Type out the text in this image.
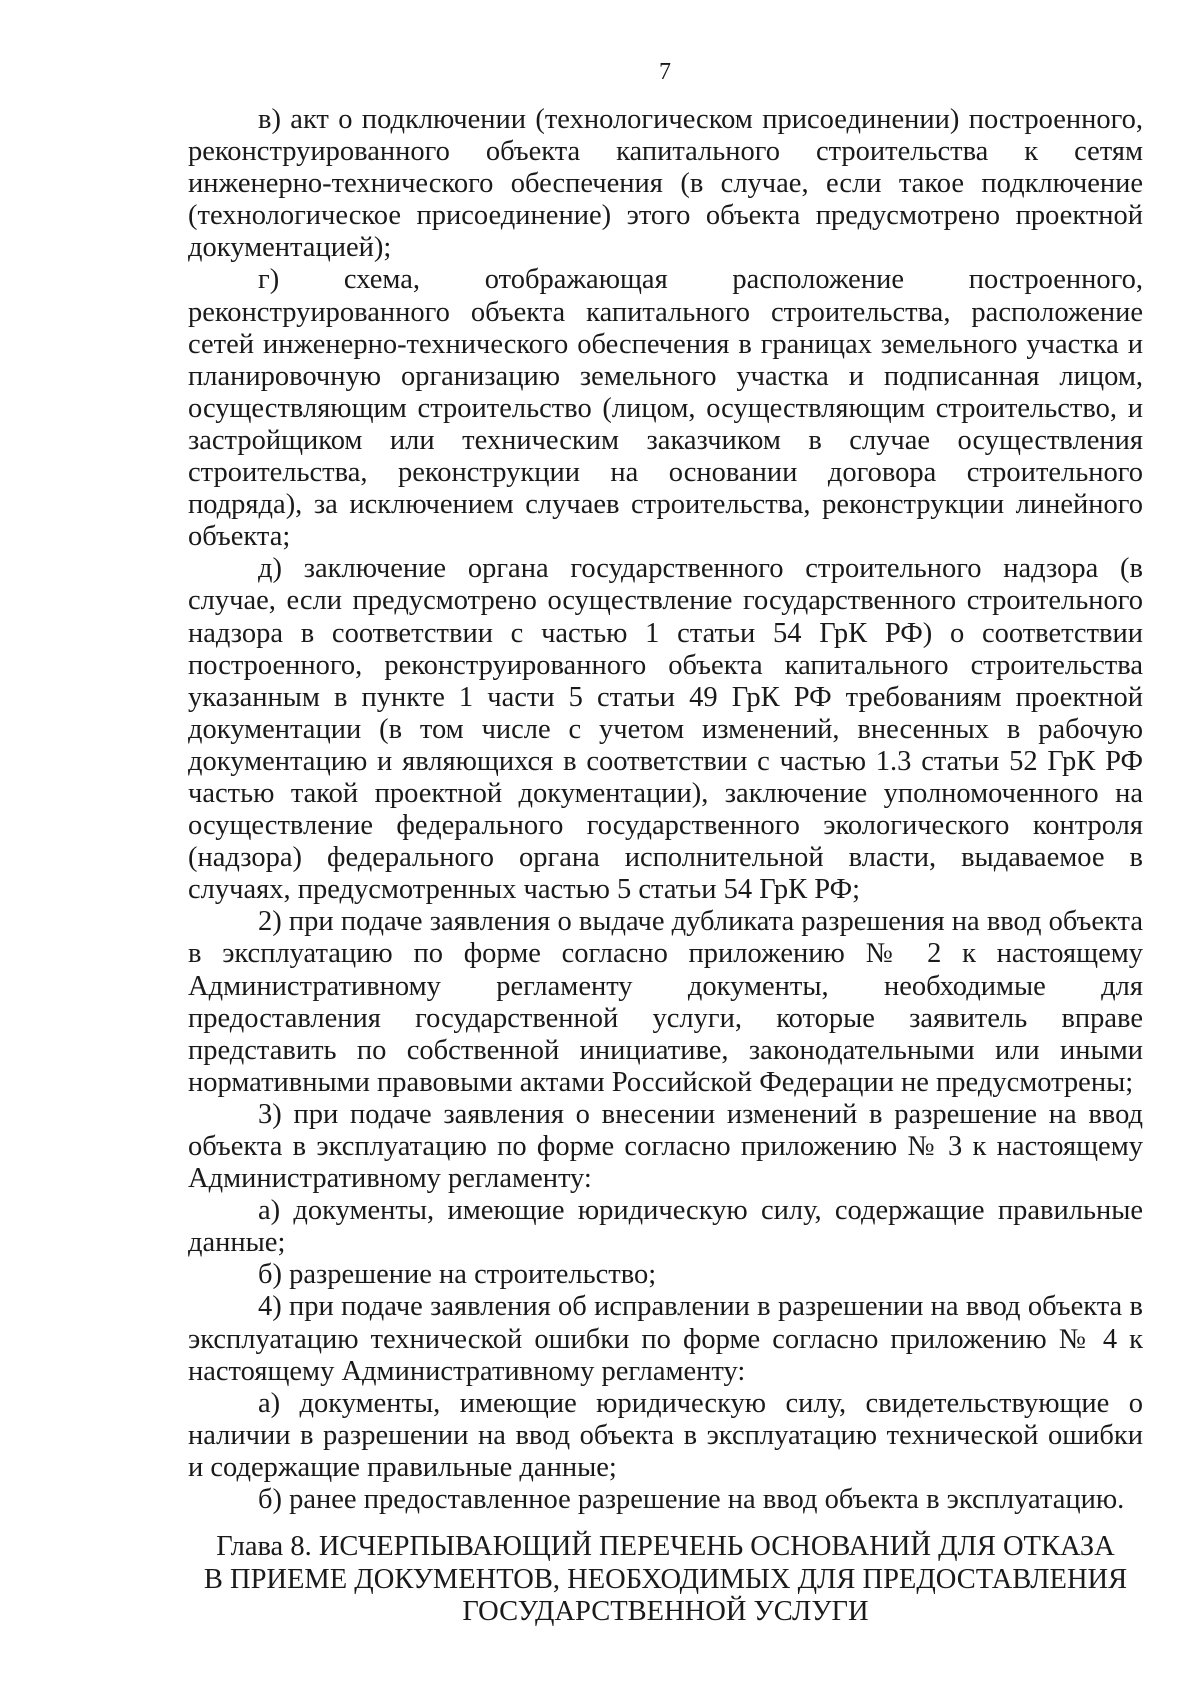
7

в) акт о подключении (технологическом присоединении) построенного, реконструированного объекта капитального строительства к сетям инженерно-технического обеспечения (в случае, если такое подключение (технологическое присоединение) этого объекта предусмотрено проектной документацией);

г) схема, отображающая расположение построенного, реконструированного объекта капитального строительства, расположение сетей инженерно-технического обеспечения в границах земельного участка и планировочную организацию земельного участка и подписанная лицом, осуществляющим строительство (лицом, осуществляющим строительство, и застройщиком или техническим заказчиком в случае осуществления строительства, реконструкции на основании договора строительного подряда), за исключением случаев строительства, реконструкции линейного объекта;

д) заключение органа государственного строительного надзора (в случае, если предусмотрено осуществление государственного строительного надзора в соответствии с частью 1 статьи 54 ГрК РФ) о соответствии построенного, реконструированного объекта капитального строительства указанным в пункте 1 части 5 статьи 49 ГрК РФ требованиям проектной документации (в том числе с учетом изменений, внесенных в рабочую документацию и являющихся в соответствии с частью 1.3 статьи 52 ГрК РФ частью такой проектной документации), заключение уполномоченного на осуществление федерального государственного экологического контроля (надзора) федерального органа исполнительной власти, выдаваемое в случаях, предусмотренных частью 5 статьи 54 ГрК РФ;

2) при подаче заявления о выдаче дубликата разрешения на ввод объекта в эксплуатацию по форме согласно приложению № 2 к настоящему Административному регламенту документы, необходимые для предоставления государственной услуги, которые заявитель вправе представить по собственной инициативе, законодательными или иными нормативными правовыми актами Российской Федерации не предусмотрены;

3) при подаче заявления о внесении изменений в разрешение на ввод объекта в эксплуатацию по форме согласно приложению № 3 к настоящему Административному регламенту:

а) документы, имеющие юридическую силу, содержащие правильные данные;

б) разрешение на строительство;

4) при подаче заявления об исправлении в разрешении на ввод объекта в эксплуатацию технической ошибки по форме согласно приложению № 4 к настоящему Административному регламенту:

а) документы, имеющие юридическую силу, свидетельствующие о наличии в разрешении на ввод объекта в эксплуатацию технической ошибки и содержащие правильные данные;

б) ранее предоставленное разрешение на ввод объекта в эксплуатацию.

Глава 8. ИСЧЕРПЫВАЮЩИЙ ПЕРЕЧЕНЬ ОСНОВАНИЙ ДЛЯ ОТКАЗА
В ПРИЕМЕ ДОКУМЕНТОВ, НЕОБХОДИМЫХ ДЛЯ ПРЕДОСТАВЛЕНИЯ
ГОСУДАРСТВЕННОЙ УСЛУГИ
